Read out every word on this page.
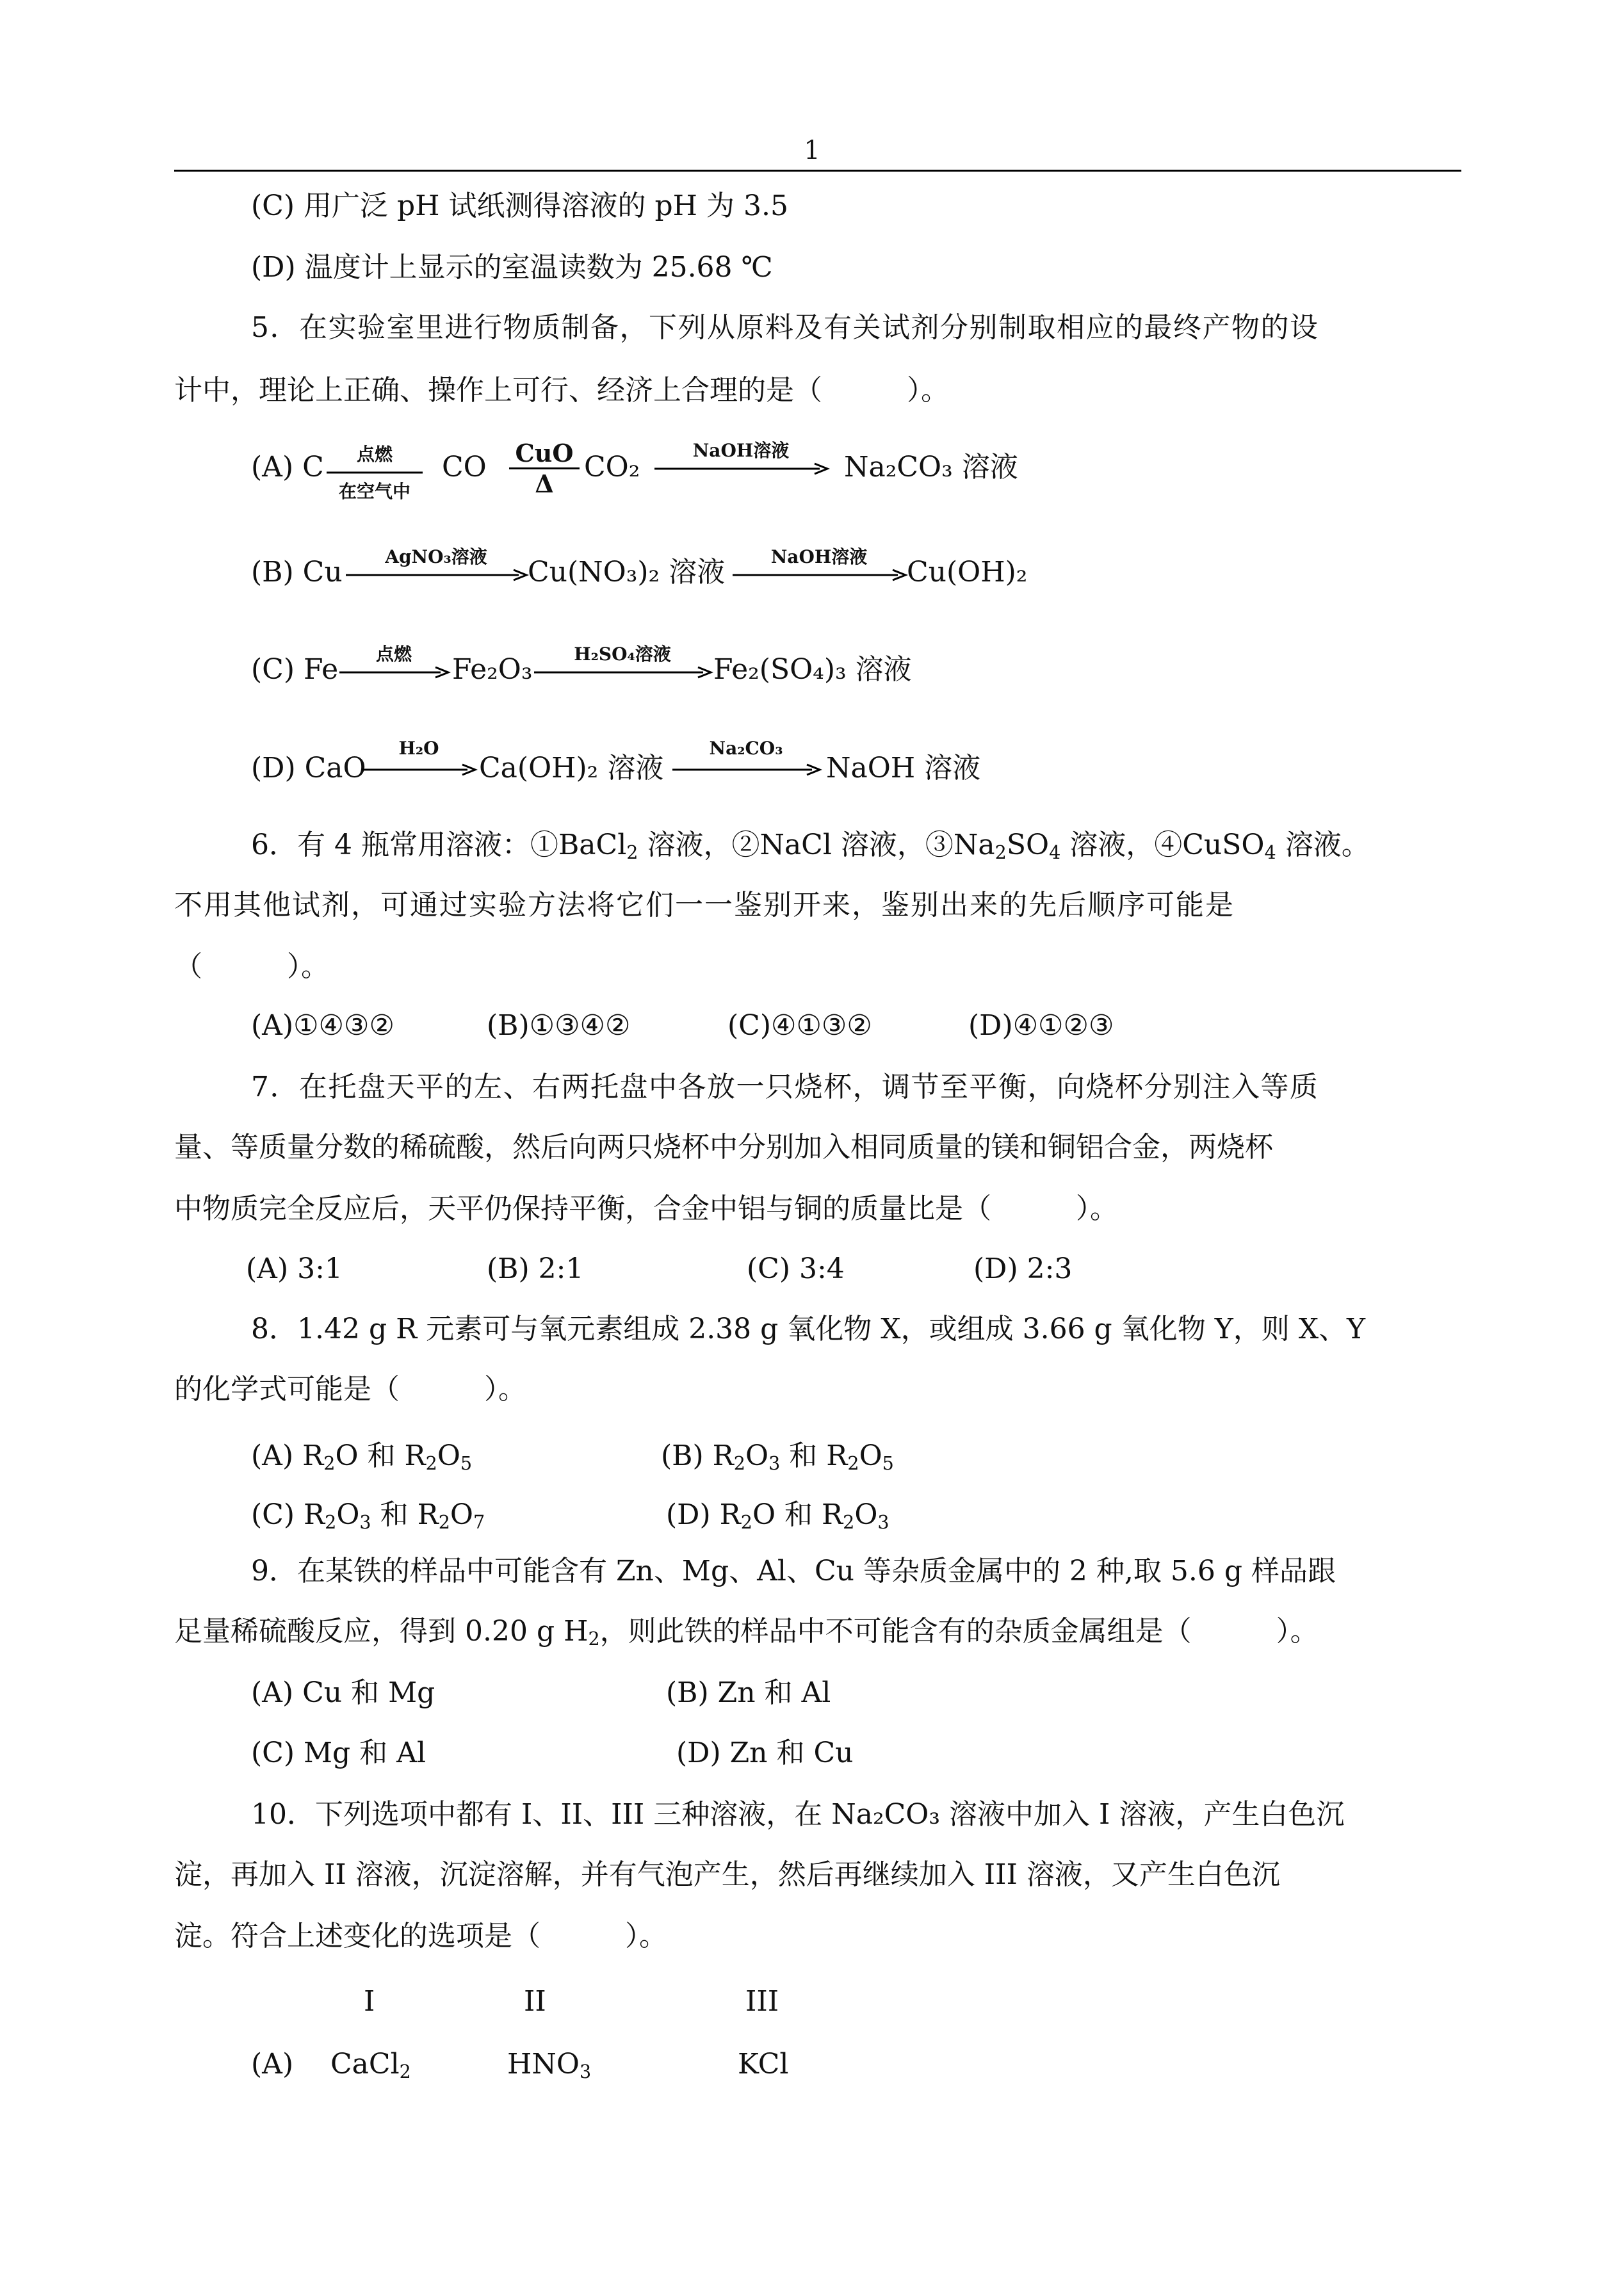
1
(C) 用广泛 pH 试纸测得溶液的 pH 为 3.5
(D) 温度计上显示的室温读数为 25.68 ℃
5．在实验室里进行物质制备，下列从原料及有关试剂分别制取相应的最终产物的设
计中，理论上正确、操作上可行、经济上合理的是（　　　）。
(A) C	点燃
在空气中
CO CuO
Δ
CO₂
NaOH溶液
Na₂CO₃ 溶液
(B) Cu	AgNO₃溶液	Cu(NO₃)₂ 溶液	NaOH溶液	Cu(OH)₂
(C) Fe	点燃	Fe₂O₃	H₂SO₄溶液	Fe₂(SO₄)₃ 溶液
(D) CaO
H₂O
Ca(OH)₂ 溶液
Na₂CO₃
NaOH 溶液
6．有 4 瓶常用溶液：①BaCl$_2$ 溶液，②NaCl 溶液，$③Na_2SO_4$ 溶液，④CuSO$_4$ 溶液。
不用其他试剂，可通过实验方法将它们一一鉴别开来，鉴别出来的先后顺序可能是
（　　　）。
(A)①④③②	(B)①③④②	(C)④①③②	(D)④①②③
7．在托盘天平的左、右两托盘中各放一只烧杯，调节至平衡，向烧杯分别注入等质
量、等质量分数的稀硫酸，然后向两只烧杯中分别加入相同质量的镁和铜铝合金，两烧杯
中物质完全反应后，天平仍保持平衡，合金中铝与铜的质量比是（　　　）。
(A) 3:1	(B) 2:1	(C) 3:4	(D) 2:3
8．1.42 g R 元素可与氧元素组成 2.38 g 氧化物 X，或组成 3.66 g 氧化物 Y，则 X、Y
的化学式可能是（　　　）。
(A) $R_2O$ 和 $R_2O_5$	(B) $R_2O_3$ 和 $R_2O_5$
(C) $R_2O_3$ 和 $R_2O_7$	(D) $R_2O$ 和 $R_2O_3$
9．在某铁的样品中可能含有 Zn、Mg、Al、Cu 等杂质金属中的 2 种,取 5.6 g 样品跟
足量稀硫酸反应，得到 0.20 g $H_2$，则此铁的样品中不可能含有的杂质金属组是（　　　）。
(A) Cu 和 Mg	(B) Zn 和 Al
(C) Mg 和 Al	(D) Zn 和 Cu
10．下列选项中都有 I、II、III 三种溶液，在 Na₂CO₃ 溶液中加入 I 溶液，产生白色沉
淀，再加入 II 溶液，沉淀溶解，并有气泡产生，然后再继续加入 III 溶液，又产生白色沉
淀。符合上述变化的选项是（　　　）。
I	II	III
(A) CaCl$_2$	$HNO_3$	KCl
